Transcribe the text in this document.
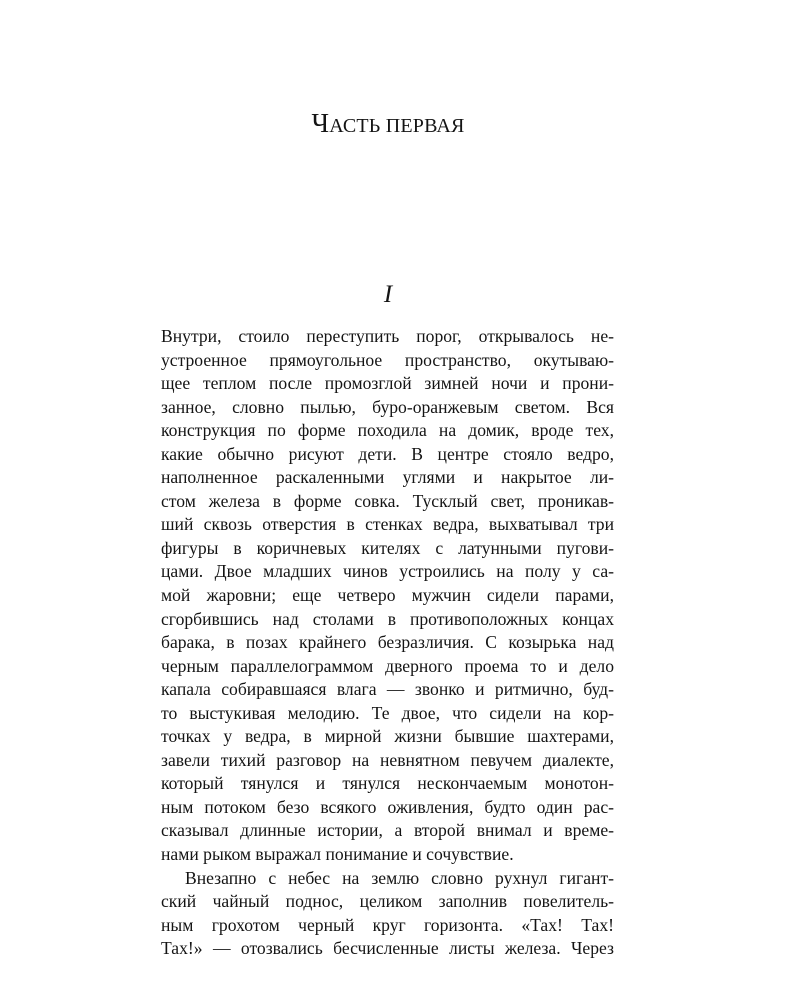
ЧАСТЬ ПЕРВАЯ
I
Внутри, стоило переступить порог, открывалось не-
устроенное прямоугольное пространство, окутываю-
щее теплом после промозглой зимней ночи и прони-
занное, словно пылью, буро-оранжевым светом. Вся
конструкция по форме походила на домик, вроде тех,
какие обычно рисуют дети. В центре стояло ведро,
наполненное раскаленными углями и накрытое ли-
стом железа в форме совка. Тусклый свет, проникав-
ший сквозь отверстия в стенках ведра, выхватывал три
фигуры в коричневых кителях с латунными пугови-
цами. Двое младших чинов устроились на полу у са-
мой жаровни; еще четверо мужчин сидели парами,
сгорбившись над столами в противоположных концах
барака, в позах крайнего безразличия. С козырька над
черным параллелограммом дверного проема то и дело
капала собиравшаяся влага — звонко и ритмично, буд-
то выстукивая мелодию. Те двое, что сидели на кор-
точках у ведра, в мирной жизни бывшие шахтерами,
завели тихий разговор на невнятном певучем диалекте,
который тянулся и тянулся нескончаемым монотон-
ным потоком безо всякого оживления, будто один рас-
сказывал длинные истории, а второй внимал и време-
нами рыком выражал понимание и сочувствие.
Внезапно с небес на землю словно рухнул гигант-
ский чайный поднос, целиком заполнив повелитель-
ным грохотом черный круг горизонта. «Тах! Тах!
Тах!» — отозвались бесчисленные листы железа. Через
